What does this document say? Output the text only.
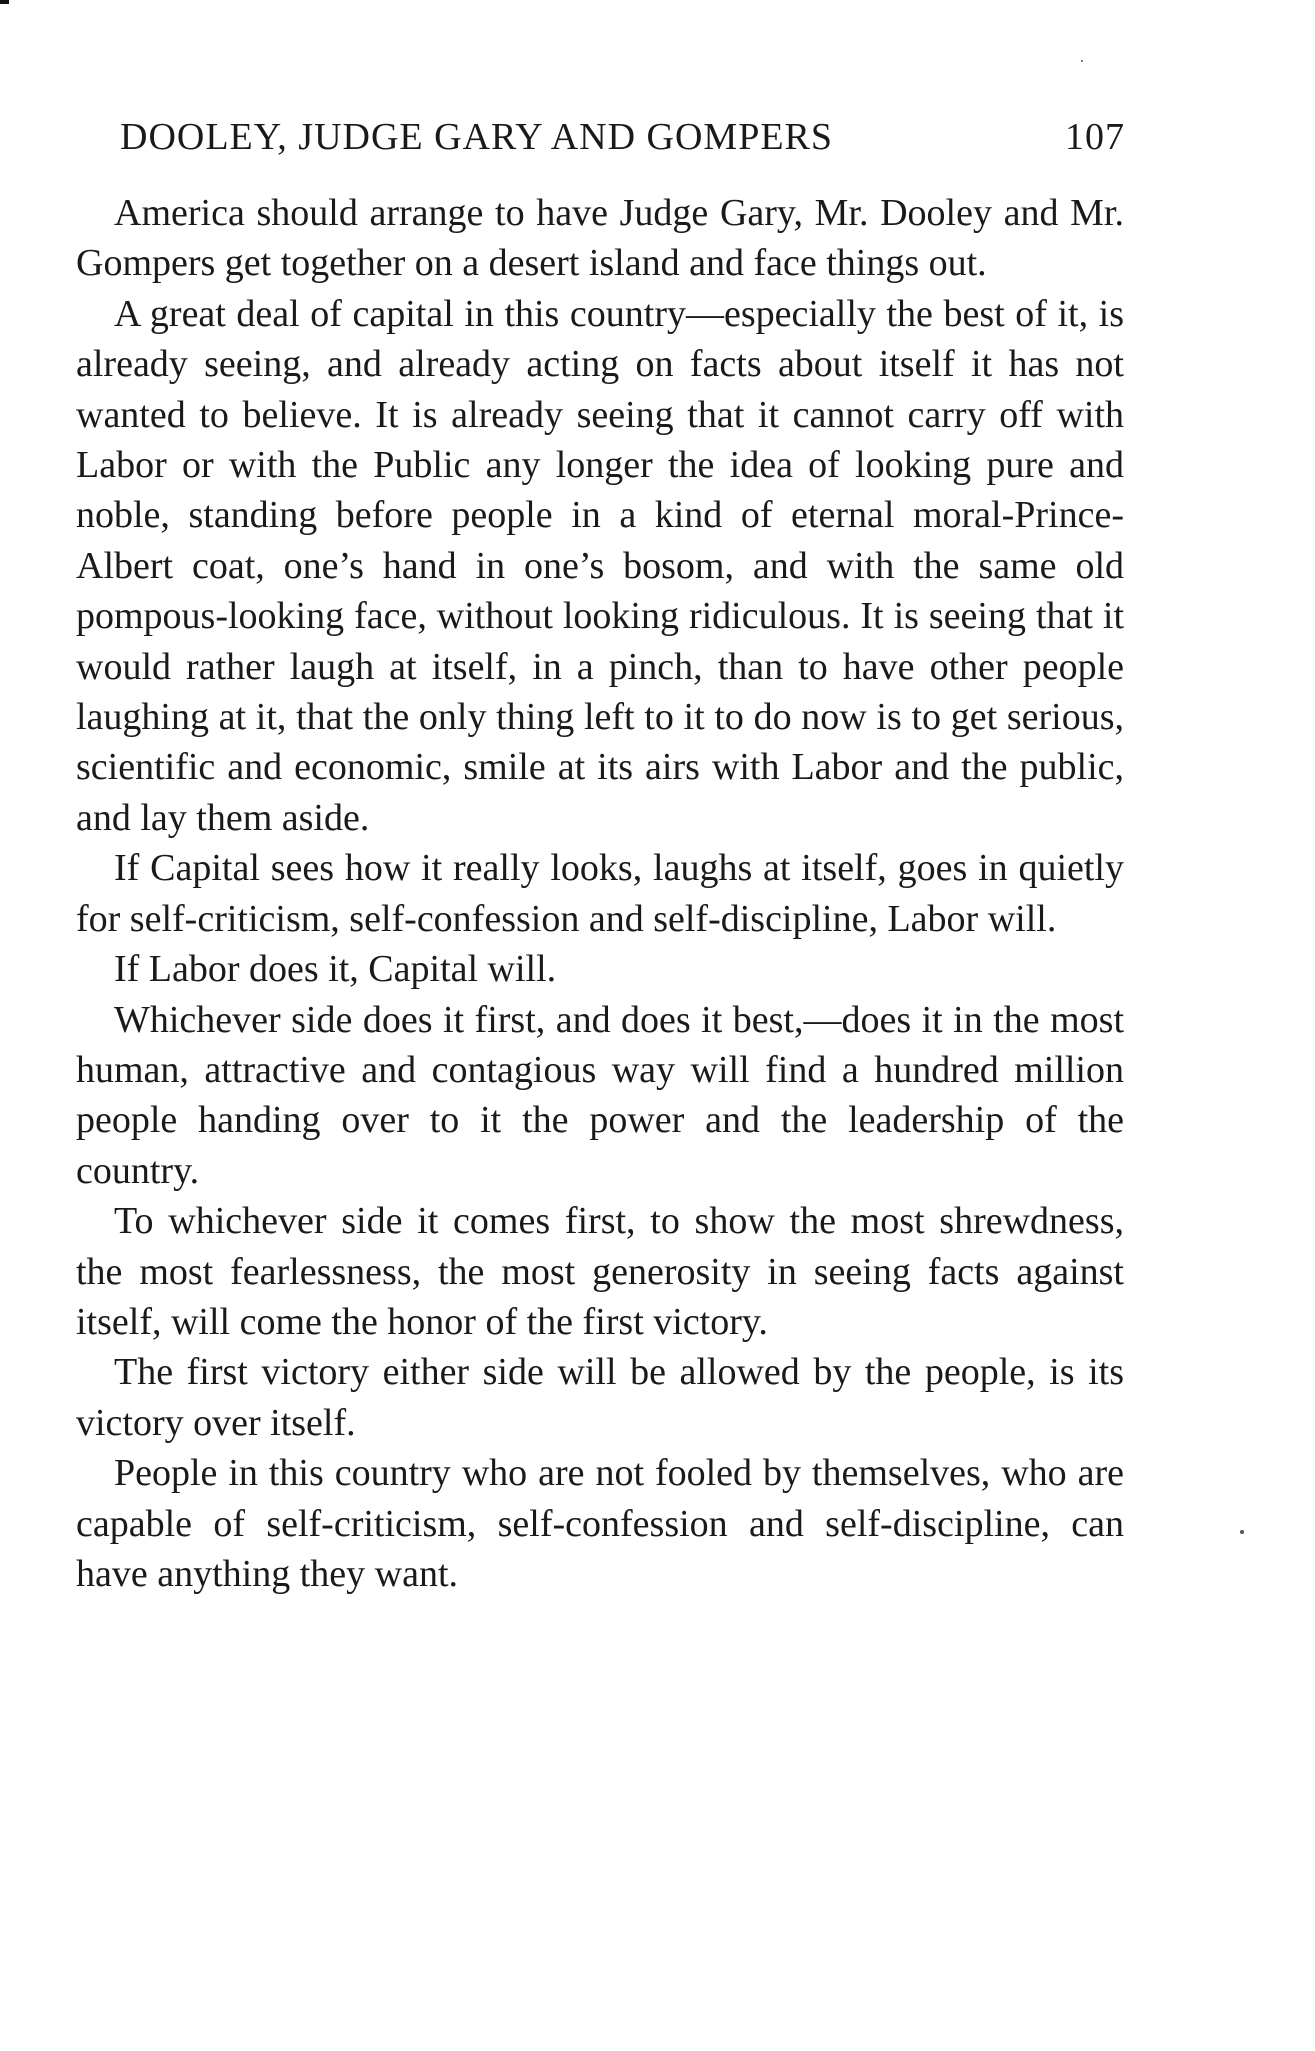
DOOLEY, JUDGE GARY AND GOMPERS	107

America should arrange to have Judge Gary, Mr. Dooley and Mr. Gompers get together on a desert island and face things out.

A great deal of capital in this country—especially the best of it, is already seeing, and already acting on facts about itself it has not wanted to believe. It is already seeing that it cannot carry off with Labor or with the Public any longer the idea of looking pure and noble, standing before people in a kind of eternal moral-Prince-Albert coat, one’s hand in one’s bosom, and with the same old pompous-looking face, without looking ridiculous. It is seeing that it would rather laugh at itself, in a pinch, than to have other people laughing at it, that the only thing left to it to do now is to get serious, scientific and economic, smile at its airs with Labor and the public, and lay them aside.

If Capital sees how it really looks, laughs at itself, goes in quietly for self-criticism, self-confession and self-discipline, Labor will.

If Labor does it, Capital will.

Whichever side does it first, and does it best,—does it in the most human, attractive and contagious way will find a hundred million people handing over to it the power and the leadership of the country.

To whichever side it comes first, to show the most shrewdness, the most fearlessness, the most generosity in seeing facts against itself, will come the honor of the first victory.

The first victory either side will be allowed by the people, is its victory over itself.

People in this country who are not fooled by themselves, who are capable of self-criticism, self-confession and self-discipline, can have anything they want.
